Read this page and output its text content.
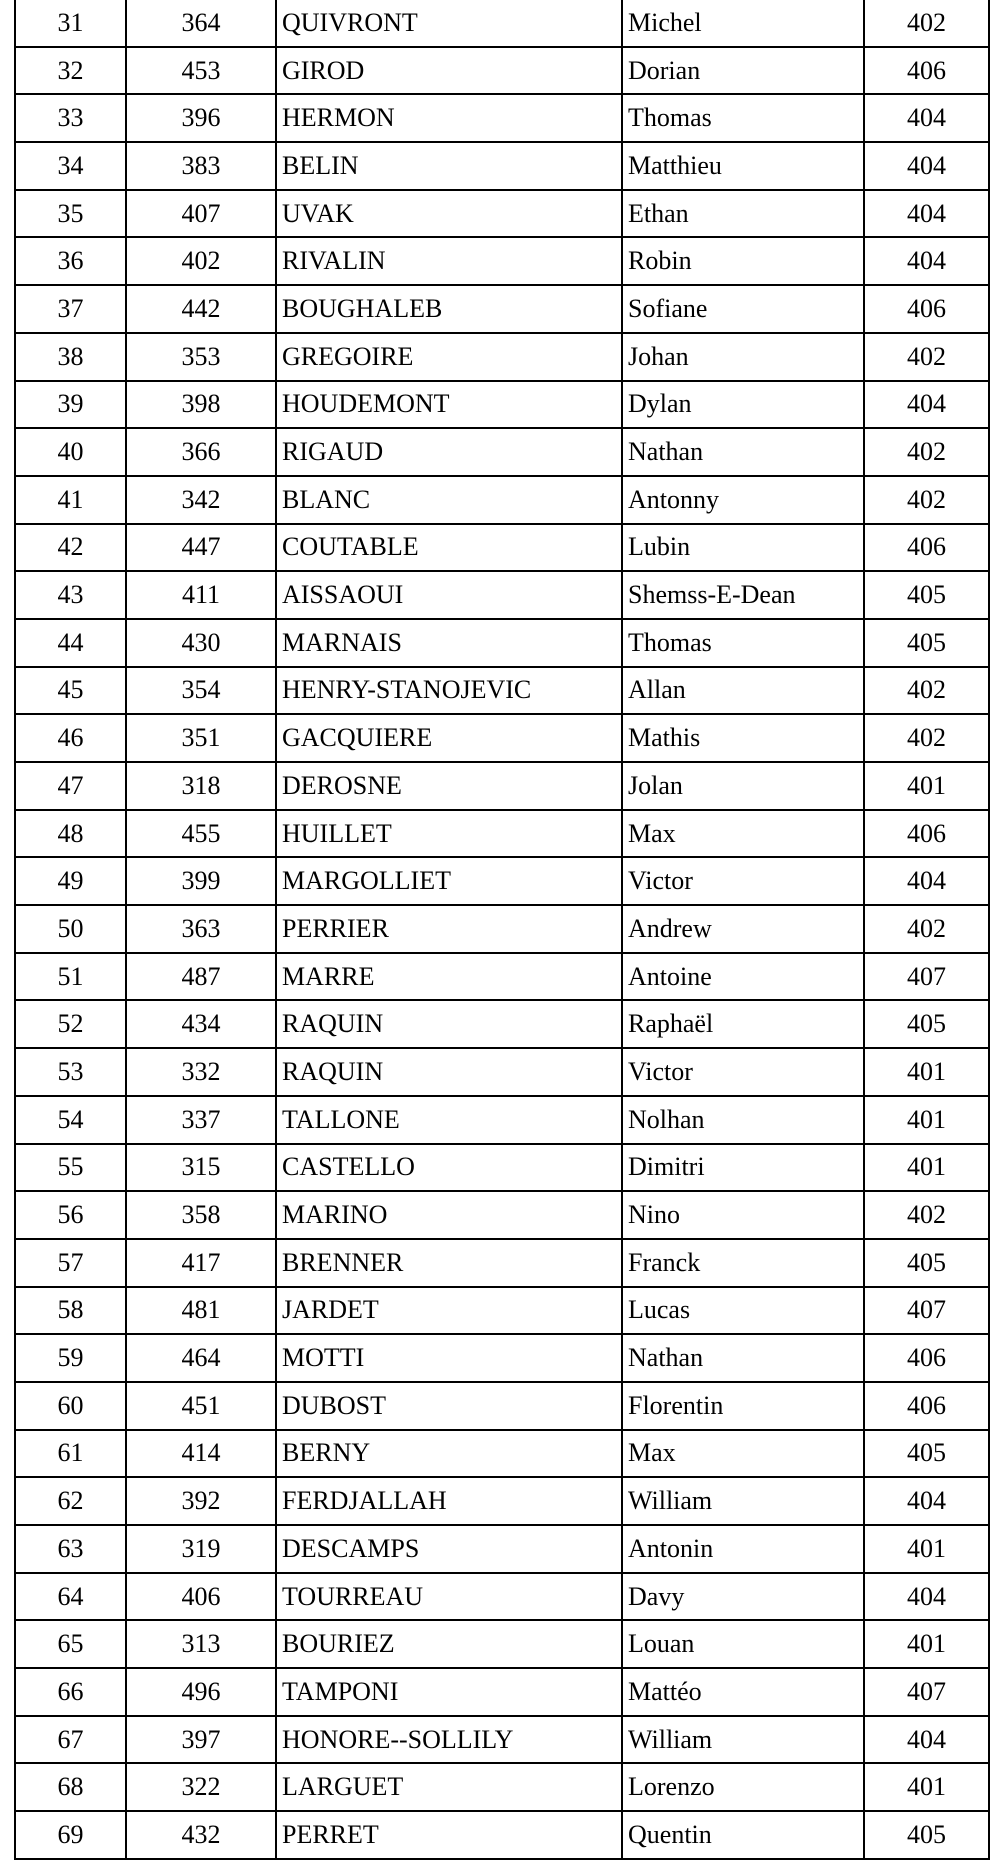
31	364	QUIVRONT	Michel	402
32	453	GIROD	Dorian	406
33	396	HERMON	Thomas	404
34	383	BELIN	Matthieu	404
35	407	UVAK	Ethan	404
36	402	RIVALIN	Robin	404
37	442	BOUGHALEB	Sofiane	406
38	353	GREGOIRE	Johan	402
39	398	HOUDEMONT	Dylan	404
40	366	RIGAUD	Nathan	402
41	342	BLANC	Antonny	402
42	447	COUTABLE	Lubin	406
43	411	AISSAOUI	Shemss-E-Dean	405
44	430	MARNAIS	Thomas	405
45	354	HENRY-STANOJEVIC	Allan	402
46	351	GACQUIERE	Mathis	402
47	318	DEROSNE	Jolan	401
48	455	HUILLET	Max	406
49	399	MARGOLLIET	Victor	404
50	363	PERRIER	Andrew	402
51	487	MARRE	Antoine	407
52	434	RAQUIN	Raphaël	405
53	332	RAQUIN	Victor	401
54	337	TALLONE	Nolhan	401
55	315	CASTELLO	Dimitri	401
56	358	MARINO	Nino	402
57	417	BRENNER	Franck	405
58	481	JARDET	Lucas	407
59	464	MOTTI	Nathan	406
60	451	DUBOST	Florentin	406
61	414	BERNY	Max	405
62	392	FERDJALLAH	William	404
63	319	DESCAMPS	Antonin	401
64	406	TOURREAU	Davy	404
65	313	BOURIEZ	Louan	401
66	496	TAMPONI	Mattéo	407
67	397	HONORE--SOLLILY	William	404
68	322	LARGUET	Lorenzo	401
69	432	PERRET	Quentin	405
